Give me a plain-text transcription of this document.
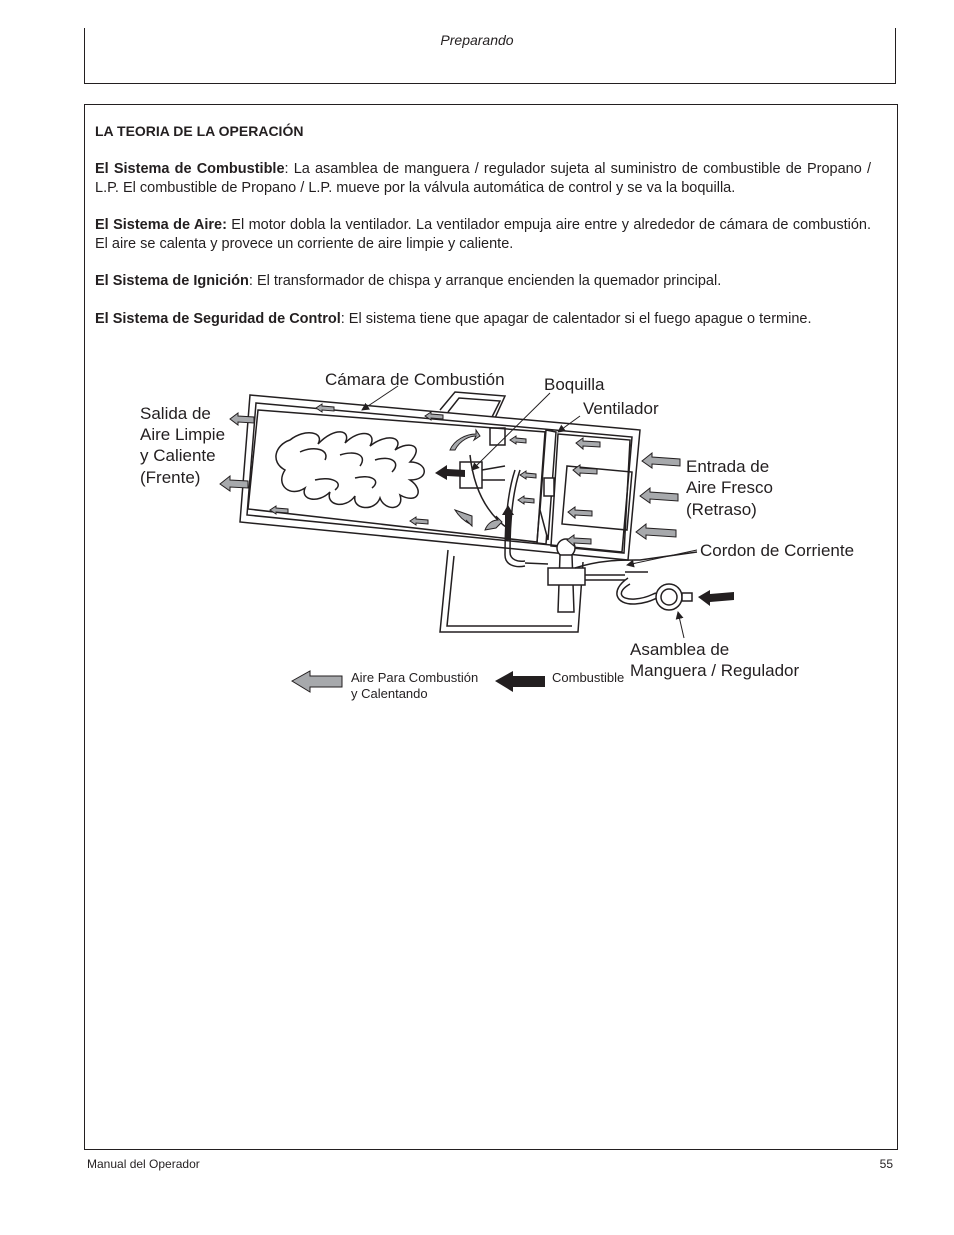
Preparando
LA TEORIA DE LA OPERACIÓN

El Sistema de Combustible: La asamblea de manguera / regulador sujeta al suministro de combustible de Propano / L.P. El combustible de Propano / L.P. mueve por la válvula automática de control y se va la boquilla.

El Sistema de Aire: El motor dobla la ventilador. La ventilador empuja aire entre y alrededor de cámara de combustión. El aire se calenta y provece un corriente de aire limpie y caliente.

El Sistema de Ignición: El transformador de chispa y arranque encienden la quemador principal.

El Sistema de Seguridad de Control: El sistema tiene que apagar de calentador si el fuego apague o termine.

Cámara de Combustión Boquilla
Ventilador
Salida de
Aire Limpie
y Caliente
(Frente)
Entrada de
Aire Fresco
(Retraso)
Cordon de Corriente
Asamblea de
Manguera / Regulador
Aire Para Combustión
y Calentando
Combustible
Manual del Operador	55
